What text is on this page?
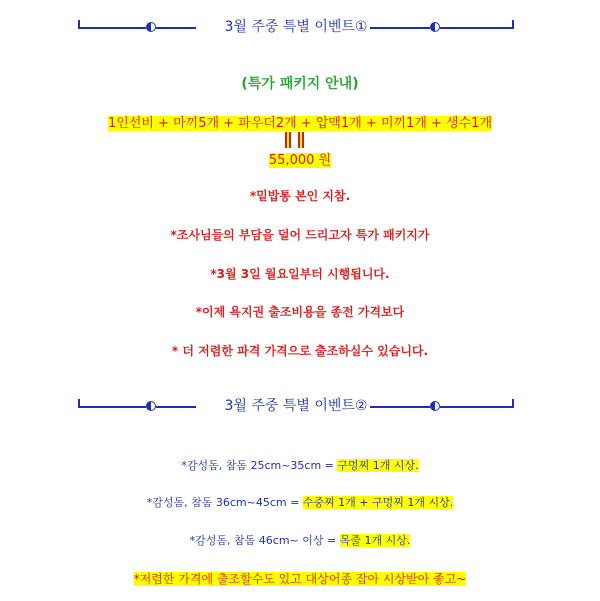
3월 주중 특별 이벤트①
(특가 패키지 안내)
1인선비 + 마끼5개 + 파우더2개 + 압맥1개 + 미끼1개 + 생수1개
55,000 원
*밑밥통 본인 지참.
*조사님들의 부담을 덜어 드리고자 특가 패키지가
*3월 3일 월요일부터 시행됩니다.
*이제 욕지권 출조비용을 종전 가격보다
* 더 저렴한 파격 가격으로 출조하실수 있습니다.
3월 주중 특별 이벤트②
*감성돔, 참돔 25cm~35cm = 구멍찌 1개 시상.
*감성돔, 참돔 36cm~45cm = 수중찌 1개 + 구멍찌 1개 시상.
*감성돔, 참돔 46cm~ 이상 = 목줄 1개 시상.
*저렴한 가격에 출조할수도 있고 대상어종 잡아 시상받아 좋고~
